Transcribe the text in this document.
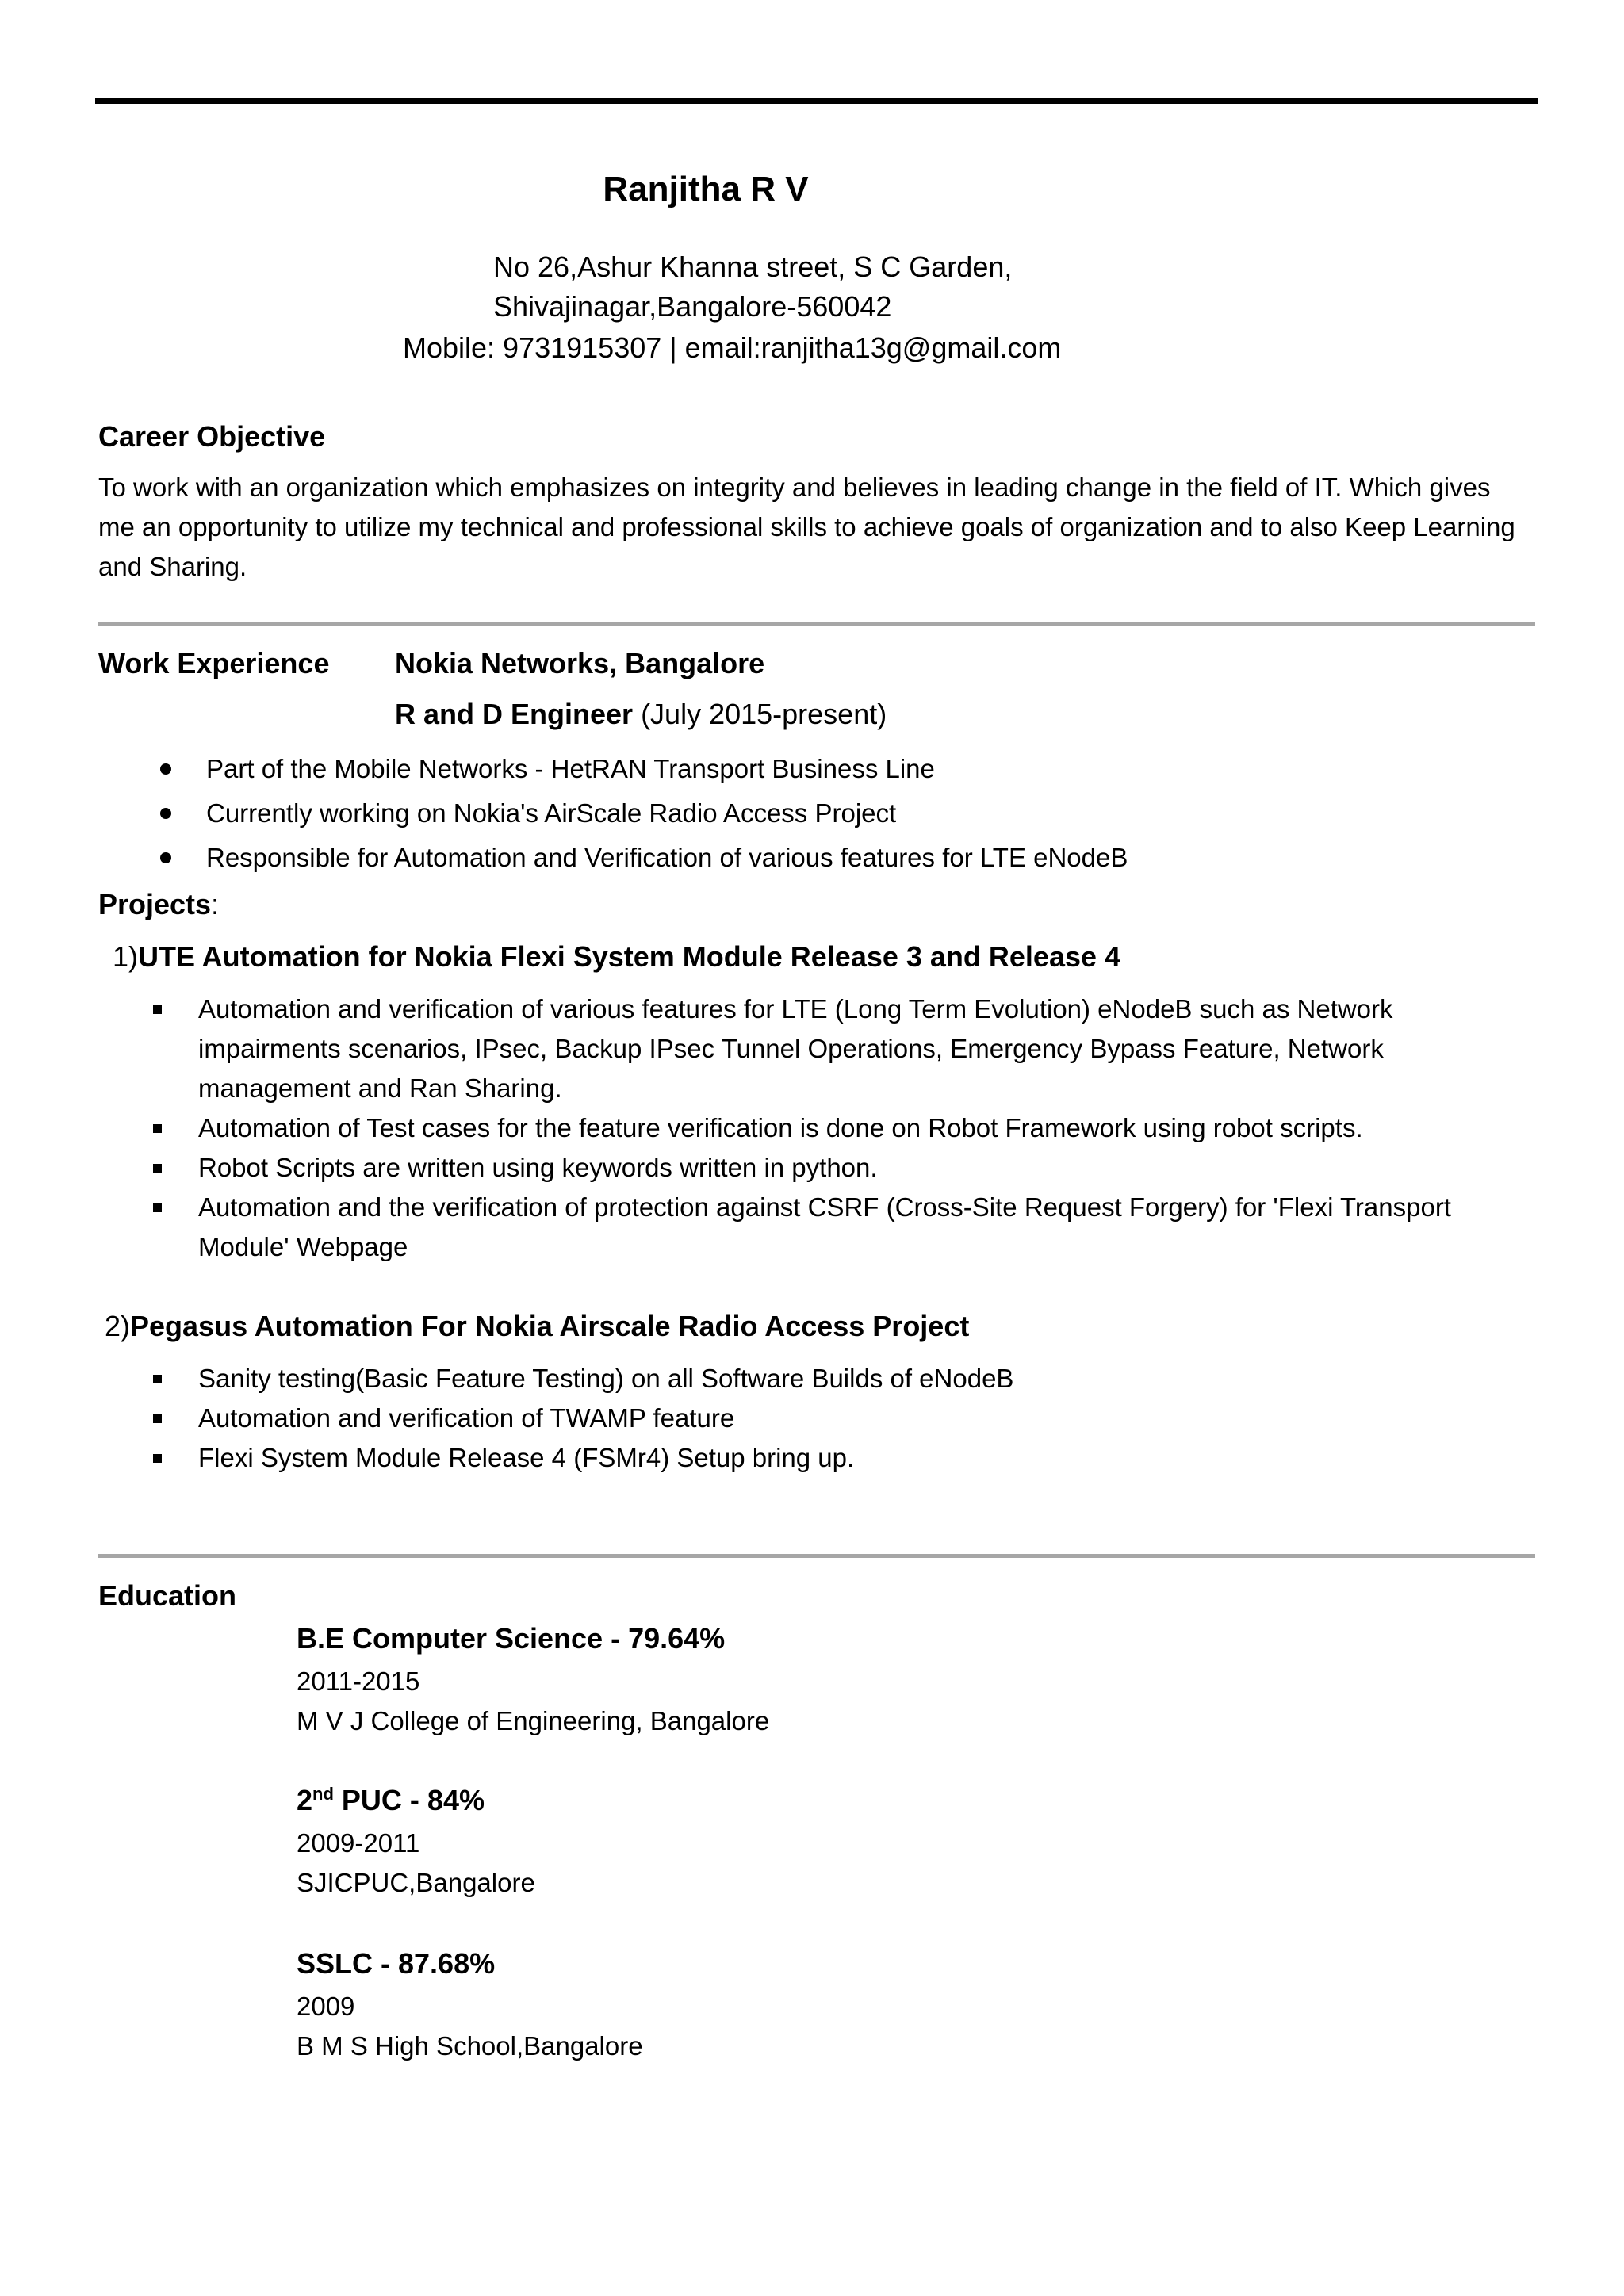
Ranjitha R V
No 26,Ashur Khanna street, S C Garden,
Shivajinagar,Bangalore-560042
Mobile: 9731915307 | email:ranjitha13g@gmail.com
Career Objective
To work with an organization which emphasizes on integrity and believes in leading change in the field of IT. Which gives me an opportunity to utilize my technical and professional skills to achieve goals of organization and to also Keep Learning and Sharing.
Work Experience Nokia Networks, Bangalore
R and D Engineer (July 2015-present)
Part of the Mobile Networks - HetRAN Transport Business Line
Currently working on Nokia's AirScale Radio Access Project
Responsible for Automation and Verification of various features for LTE eNodeB
Projects:
1)UTE Automation for Nokia Flexi System Module Release 3 and Release 4
Automation and verification of various features for LTE (Long Term Evolution) eNodeB such as Network impairments scenarios, IPsec, Backup IPsec Tunnel Operations, Emergency Bypass Feature, Network management and Ran Sharing.
Automation of Test cases for the feature verification is done on Robot Framework using robot scripts.
Robot Scripts are written using keywords written in python.
Automation and the verification of protection against CSRF (Cross-Site Request Forgery) for 'Flexi Transport Module' Webpage
2)Pegasus Automation For Nokia Airscale Radio Access Project
Sanity testing(Basic Feature Testing) on all Software Builds of eNodeB
Automation and verification of TWAMP feature
Flexi System Module Release 4 (FSMr4) Setup bring up.
Education
B.E Computer Science - 79.64%
2011-2015
M V J College of Engineering, Bangalore
2nd PUC - 84%
2009-2011
SJICPUC,Bangalore
SSLC - 87.68%
2009
B M S High School,Bangalore
